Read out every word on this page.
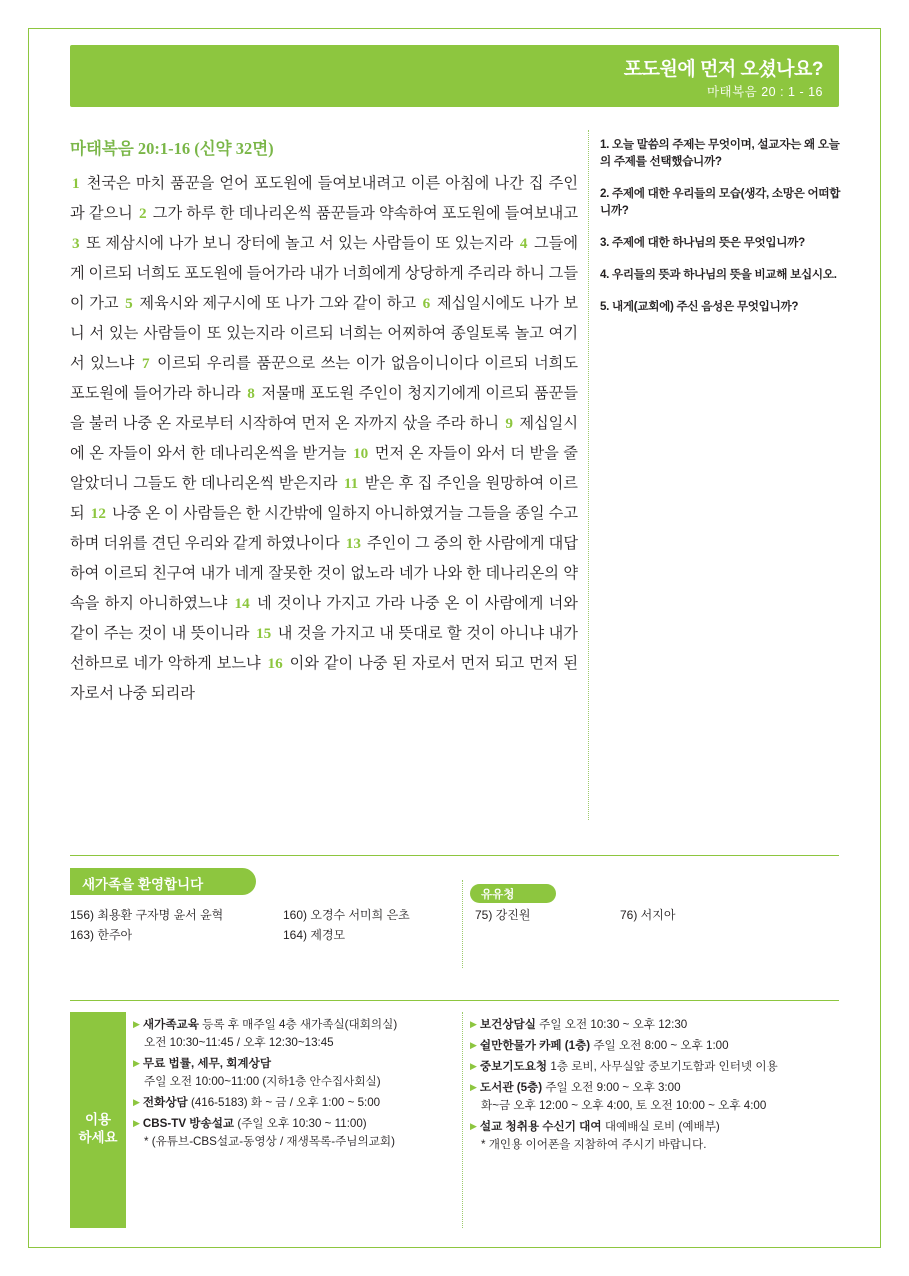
포도원에 먼저 오셨나요?
마태복음 20 : 1 - 16
마태복음 20:1-16 (신약 32면)
1 천국은 마치 품꾼을 얻어 포도원에 들여보내려고 이른 아침에 나간 집 주인과 같으니 2 그가 하루 한 데나리온씩 품꾼들과 약속하여 포도원에 들여보내고 3 또 제삼시에 나가 보니 장터에 놀고 서 있는 사람들이 또 있는지라 4 그들에게 이르되 너희도 포도원에 들어가라 내가 너희에게 상당하게 주리라 하니 그들이 가고 5 제육시와 제구시에 또 나가 그와 같이 하고 6 제십일시에도 나가 보니 서 있는 사람들이 또 있는지라 이르되 너희는 어찌하여 종일토록 놀고 여기 서 있느냐 7 이르되 우리를 품꾼으로 쓰는 이가 없음이니이다 이르되 너희도 포도원에 들어가라 하니라 8 저물매 포도원 주인이 청지기에게 이르되 품꾼들을 불러 나중 온 자로부터 시작하여 먼저 온 자까지 삯을 주라 하니 9 제십일시에 온 자들이 와서 한 데나리온씩을 받거늘 10 먼저 온 자들이 와서 더 받을 줄 알았더니 그들도 한 데나리온씩 받은지라 11 받은 후 집 주인을 원망하여 이르되 12 나중 온 이 사람들은 한 시간밖에 일하지 아니하였거늘 그들을 종일 수고하며 더위를 견딘 우리와 같게 하였나이다 13 주인이 그 중의 한 사람에게 대답하여 이르되 친구여 내가 네게 잘못한 것이 없노라 네가 나와 한 데나리온의 약속을 하지 아니하였느냐 14 네 것이나 가지고 가라 나중 온 이 사람에게 너와 같이 주는 것이 내 뜻이니라 15 내 것을 가지고 내 뜻대로 할 것이 아니냐 내가 선하므로 네가 악하게 보느냐 16 이와 같이 나중 된 자로서 먼저 되고 먼저 된 자로서 나중 되리라
1. 오늘 말씀의 주제는 무엇이며, 설교자는 왜 오늘의 주제를 선택했습니까?
2. 주제에 대한 우리들의 모습(생각, 소망은 어떠합니까?
3. 주제에 대한 하나님의 뜻은 무엇입니까?
4. 우리들의 뜻과 하나님의 뜻을 비교해 보십시오.
5. 내게(교회에) 주신 음성은 무엇입니까?
새가족을 환영합니다
유유청
156) 최용환 구자명 윤서 윤혁
163) 한주아
160) 오경수 서미희 은초
164) 제경모
75) 강진원	76) 서지아
이용
하세요
▶ 새가족교육 등록 후 매주일 4층 새가족실(대회의실)
오전 10:30~11:45 / 오후 12:30~13:45
▶ 무료 법률, 세무, 회계상담
주일 오전 10:00~11:00 (지하1층 안수집사회실)
▶ 전화상담 (416-5183) 화 ~ 금 / 오후 1:00 ~ 5:00
▶ CBS-TV 방송설교 (주일 오후 10:30 ~ 11:00)
* (유튜브-CBS설교-동영상 / 재생목록-주님의교회)
▶ 보건상담실 주일 오전 10:30 ~ 오후 12:30
▶ 쉴만한물가 카페 (1층) 주일 오전 8:00 ~ 오후 1:00
▶ 중보기도요청 1층 로비, 사무실앞 중보기도함과 인터넷 이용
▶ 도서관 (5층) 주일 오전 9:00 ~ 오후 3:00
화~금 오후 12:00 ~ 오후 4:00, 토 오전 10:00 ~ 오후 4:00
▶ 설교 청취용 수신기 대여 대예배실 로비 (예배부)
* 개인용 이어폰을 지참하여 주시기 바랍니다.
